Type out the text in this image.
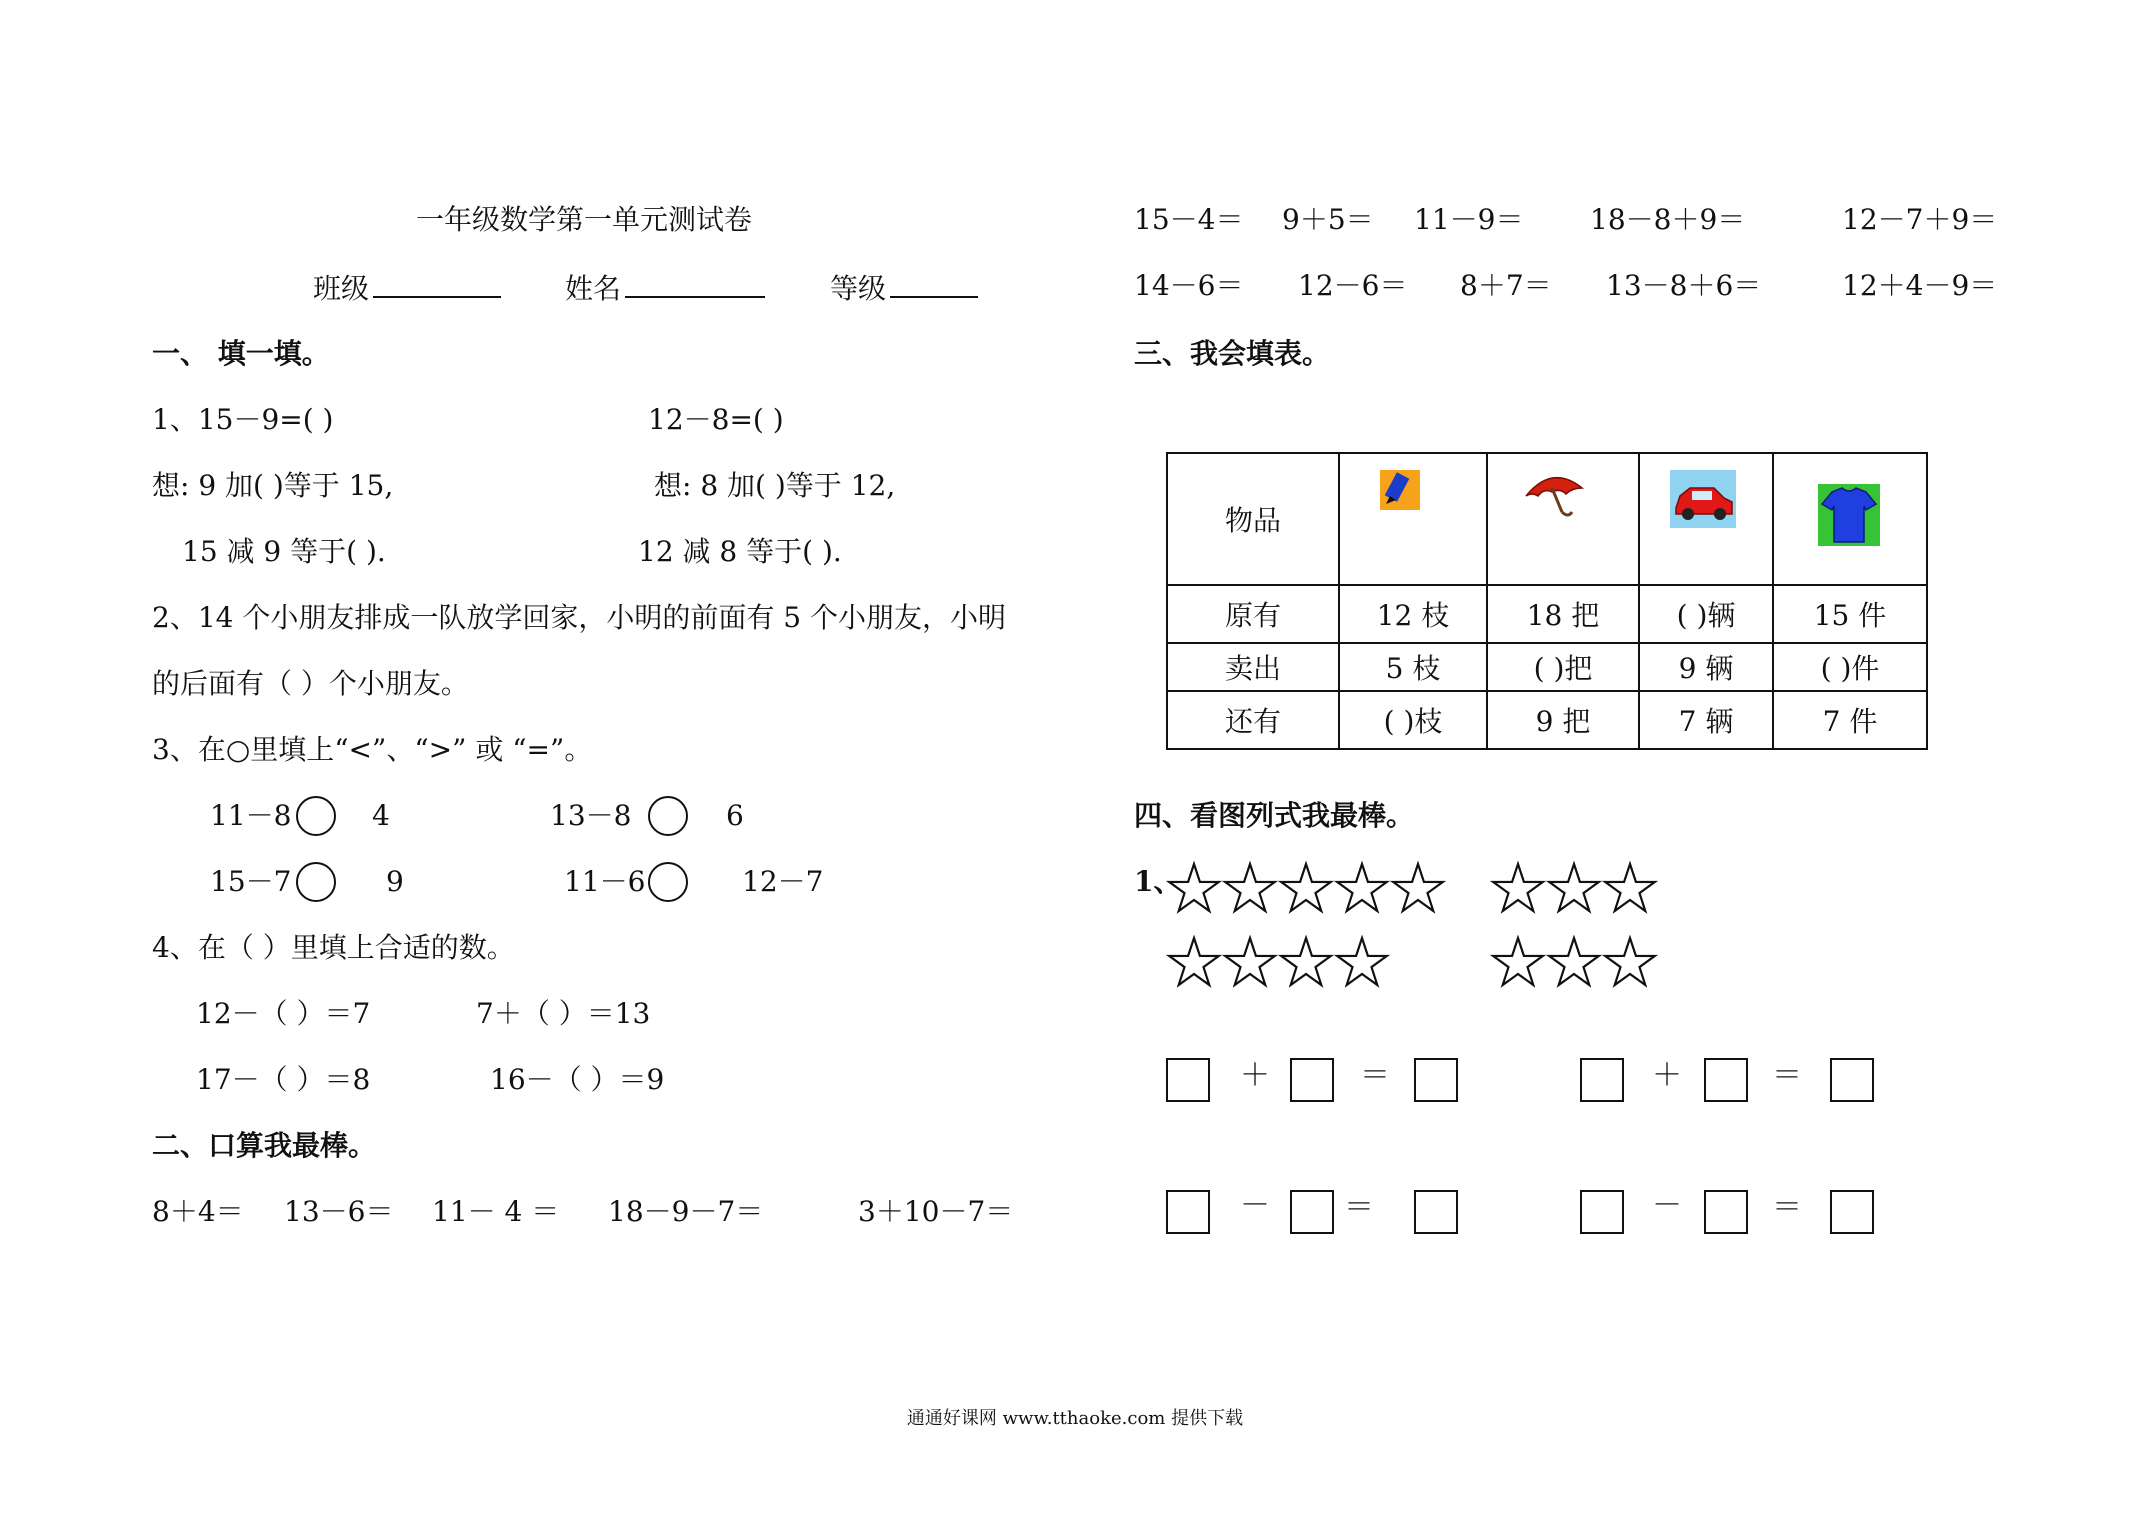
一年级数学第一单元测试卷
班级	姓名	等级
一、 填一填。
1、15－9=( )	12－8=( )
想: 9 加( )等于 15,	想: 8 加( )等于 12,
15 减 9 等于( ).	12 减 8 等于( ).
2、14 个小朋友排成一队放学回家，小明的前面有 5 个小朋友，小明
的后面有（ ）个小朋友。
3、在○里填上“<”、“>” 或 “=”。
11－8	4	13－8	6
15－7	9	11－6	12－7
4、在（ ）里填上合适的数。
12－（ ）＝7	7＋（ ）＝13
17－（ ）＝8	16－（ ）＝9
二、口算我最棒。
8＋4＝ 13－6＝ 11－ 4 ＝ 18－9－7＝	3＋10－7＝
15－4＝ 9＋5＝ 11－9＝ 18－8＋9＝	12－7＋9＝
14－6＝ 12－6＝ 8＋7＝ 13－8＋6＝	12＋4－9＝
三、我会填表。
物品	

原有	12 枝	18 把	( )辆	15 件
卖出	5 枝	( )把	9 辆	( )件
还有	( )枝	9 把	7 辆	7 件
四、看图列式我最棒。
1、
＋	＝	＋	＝
－ ＝	－	＝
通通好课网 www.tthaoke.com 提供下载
